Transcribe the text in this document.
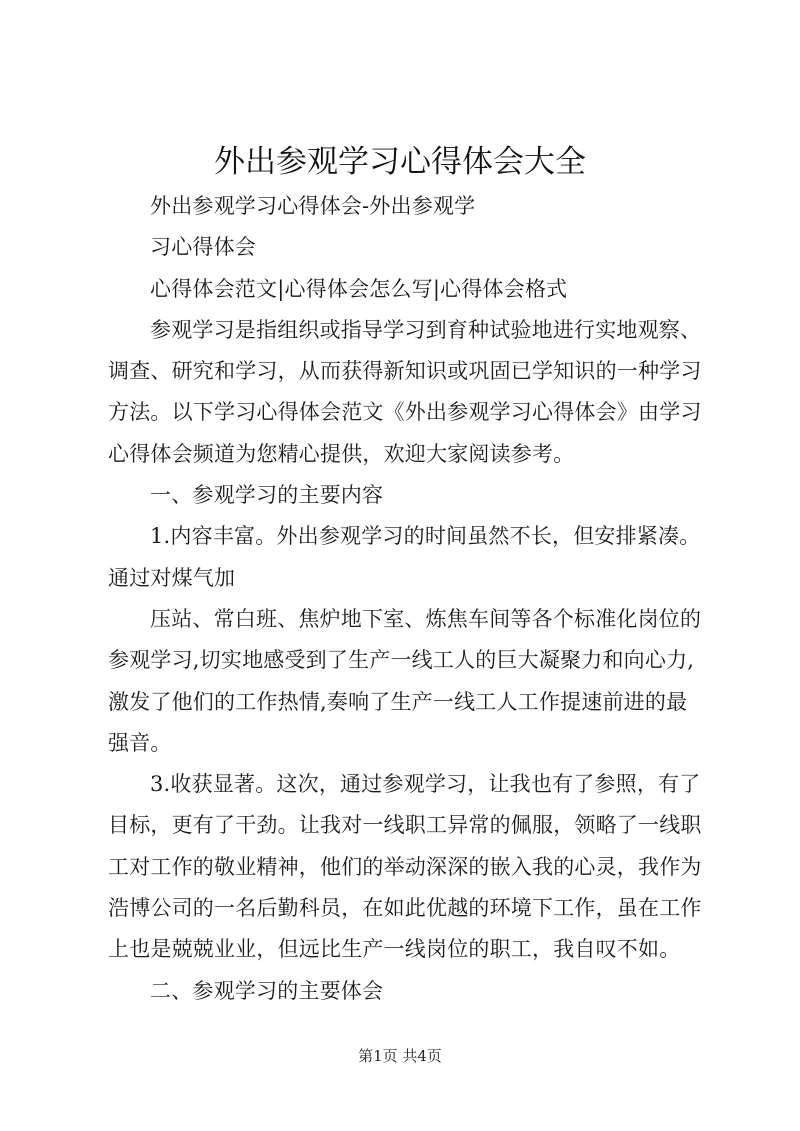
外出参观学习心得体会大全

外出参观学习心得体会-外出参观学

习心得体会

心得体会范文|心得体会怎么写|心得体会格式

参观学习是指组织或指导学习到育种试验地进行实地观察、

调查、研究和学习，从而获得新知识或巩固已学知识的一种学习

方法。以下学习心得体会范文《外出参观学习心得体会》由学习

心得体会频道为您精心提供，欢迎大家阅读参考。

一、参观学习的主要内容

1.内容丰富。外出参观学习的时间虽然不长，但安排紧凑。

通过对煤气加

压站、常白班、焦炉地下室、炼焦车间等各个标准化岗位的

参观学习,切实地感受到了生产一线工人的巨大凝聚力和向心力,

激发了他们的工作热情,奏响了生产一线工人工作提速前进的最

强音。

3.收获显著。这次，通过参观学习，让我也有了参照，有了

目标，更有了干劲。让我对一线职工异常的佩服，领略了一线职

工对工作的敬业精神，他们的举动深深的嵌入我的心灵，我作为

浩博公司的一名后勤科员，在如此优越的环境下工作，虽在工作

上也是兢兢业业，但远比生产一线岗位的职工，我自叹不如。

二、参观学习的主要体会

第1页 共4页
